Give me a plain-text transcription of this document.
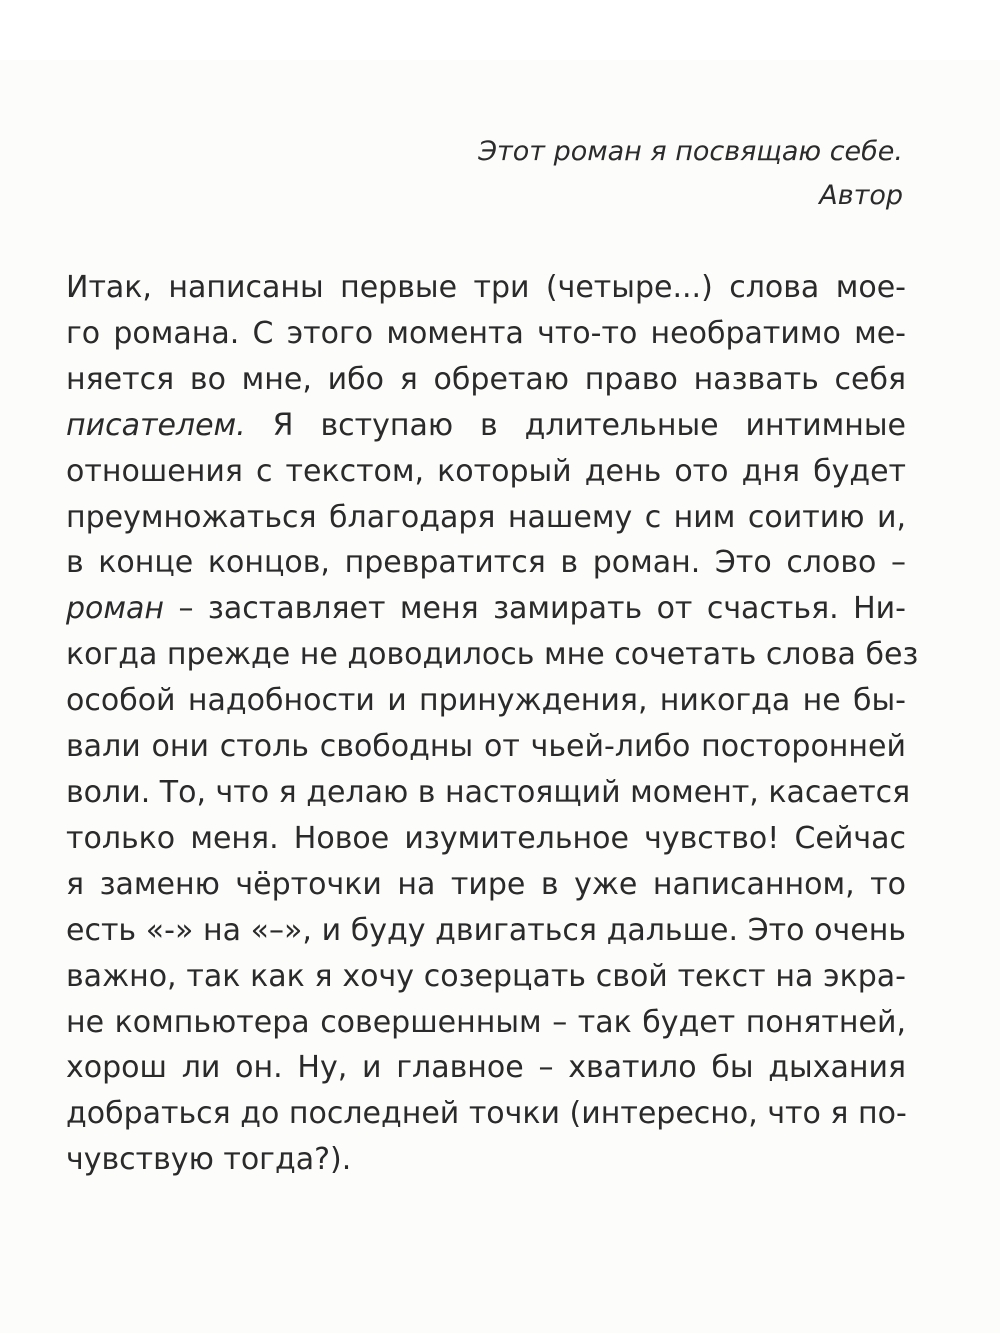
Этот роман я посвящаю себе.
Автор
Итак, написаны первые три (четыре...) слова мое-
го романа. С этого момента что-то необратимо ме-
няется во мне, ибо я обретаю право назвать себя
писателем. Я вступаю в длительные интимные
отношения с текстом, который день ото дня будет
преумножаться благодаря нашему с ним соитию и,
в конце концов, превратится в роман. Это слово –
роман – заставляет меня замирать от счастья. Ни-
когда прежде не доводилось мне сочетать слова без
особой надобности и принуждения, никогда не бы-
вали они столь свободны от чьей-либо посторонней
воли. То, что я делаю в настоящий момент, касается
только меня. Новое изумительное чувство! Сейчас
я заменю чёрточки на тире в уже написанном, то
есть «-» на «–», и буду двигаться дальше. Это очень
важно, так как я хочу созерцать свой текст на экра-
не компьютера совершенным – так будет понятней,
хорош ли он. Ну, и главное – хватило бы дыхания
добраться до последней точки (интересно, что я по-
чувствую тогда?).
